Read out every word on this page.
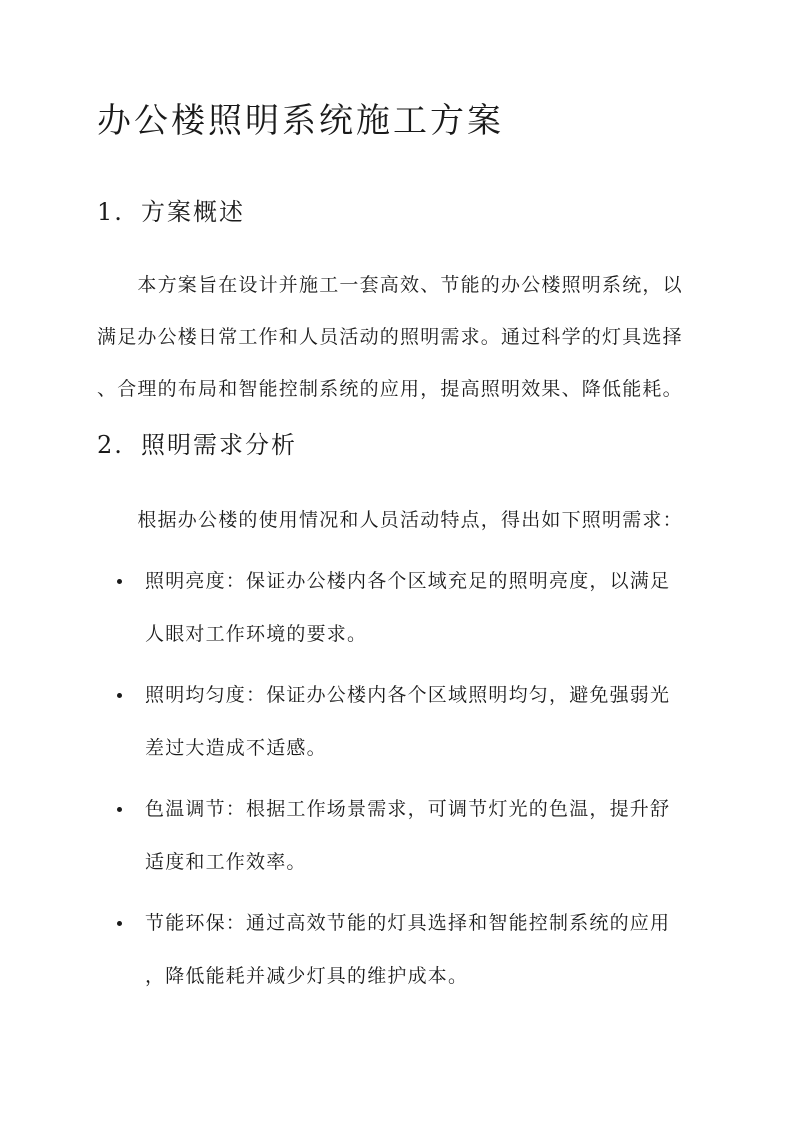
办公楼照明系统施工方案
1. 方案概述

　　本方案旨在设计并施工一套高效、节能的办公楼照明系统，以
满足办公楼日常工作和人员活动的照明需求。通过科学的灯具选择
、合理的布局和智能控制系统的应用，提高照明效果、降低能耗。

2. 照明需求分析

　　根据办公楼的使用情况和人员活动特点，得出如下照明需求：

照明亮度：保证办公楼内各个区域充足的照明亮度，以满足
人眼对工作环境的要求。
照明均匀度：保证办公楼内各个区域照明均匀，避免强弱光
差过大造成不适感。
色温调节：根据工作场景需求，可调节灯光的色温，提升舒
适度和工作效率。
节能环保：通过高效节能的灯具选择和智能控制系统的应用
，降低能耗并减少灯具的维护成本。
